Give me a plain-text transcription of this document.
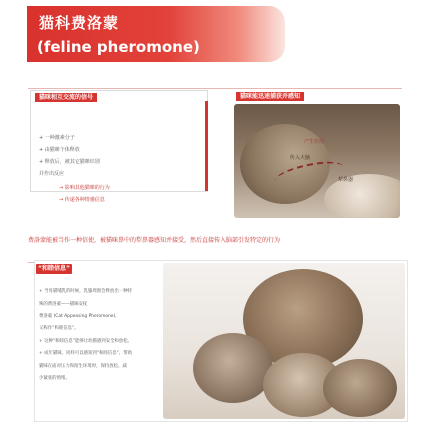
猫科费洛蒙
(feline pheromone)
猫咪相互交流的信号

+ 一种激素分子

+ 由猫咪个体释放

+ 释放后，被其它猫咪识别

并作出反应

→ 影响其他猫咪的行为

→ 传递各种情感信息

猫咪能迅速捕获并感知
产生作用
传入大脑
犁鼻器
费洛蒙能被当作一种信使，被猫咪鼻中的犁鼻器感知并接受，然后直接传入脑部引发特定的行为

+ 当母猫哺乳的时候，乳腺周围会释放出一种特

殊的费洛蒙——猫咪安抚

费洛蒙 (Cat Appeasing Pheromone),

又称作“和睦信息”。

+ 这种“和睦信息”能够让幼猫感到安全和放松。

+ 成年猫咪，同样可以感知到“和睦信息”，帮助

猫咪在面对压力和陌生环境时，保持放松、减

少紧张的情绪。

“和睦信息”
